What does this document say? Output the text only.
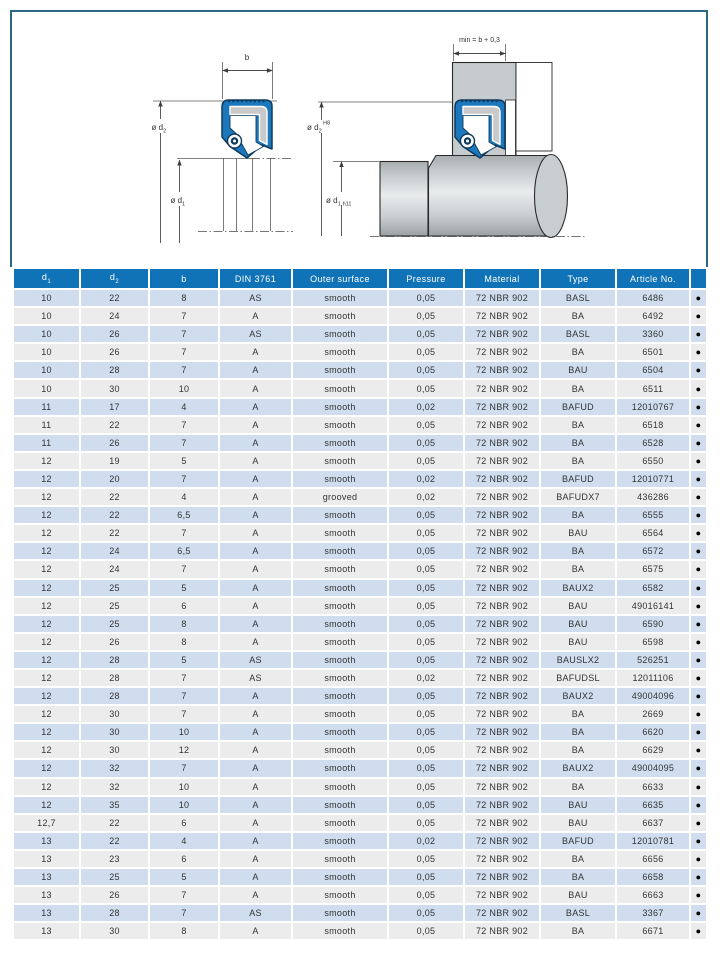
b
ø $d_2$
ø $d_1$
min = b + 0,3
ø $d_2^{H8}$
ø $d_1$ h11
$d_1$	$d_2$	b	DIN 3761	Outer surface	Pressure	Material	Type	Article No.	
10	22	8	AS	smooth	0,05	72 NBR 902	BASL	6486	●
10	24	7	A	smooth	0,05	72 NBR 902	BA	6492	●
10	26	7	AS	smooth	0,05	72 NBR 902	BASL	3360	●
10	26	7	A	smooth	0,05	72 NBR 902	BA	6501	●
10	28	7	A	smooth	0,05	72 NBR 902	BAU	6504	●
10	30	10	A	smooth	0,05	72 NBR 902	BA	6511	●
11	17	4	A	smooth	0,02	72 NBR 902	BAFUD	12010767	●
11	22	7	A	smooth	0,05	72 NBR 902	BA	6518	●
11	26	7	A	smooth	0,05	72 NBR 902	BA	6528	●
12	19	5	A	smooth	0,05	72 NBR 902	BA	6550	●
12	20	7	A	smooth	0,02	72 NBR 902	BAFUD	12010771	●
12	22	4	A	grooved	0,02	72 NBR 902	BAFUDX7	436286	●
12	22	6,5	A	smooth	0,05	72 NBR 902	BA	6555	●
12	22	7	A	smooth	0,05	72 NBR 902	BAU	6564	●
12	24	6,5	A	smooth	0,05	72 NBR 902	BA	6572	●
12	24	7	A	smooth	0,05	72 NBR 902	BA	6575	●
12	25	5	A	smooth	0,05	72 NBR 902	BAUX2	6582	●
12	25	6	A	smooth	0,05	72 NBR 902	BAU	49016141	●
12	25	8	A	smooth	0,05	72 NBR 902	BAU	6590	●
12	26	8	A	smooth	0,05	72 NBR 902	BAU	6598	●
12	28	5	AS	smooth	0,05	72 NBR 902	BAUSLX2	526251	●
12	28	7	AS	smooth	0,02	72 NBR 902	BAFUDSL	12011106	●
12	28	7	A	smooth	0,05	72 NBR 902	BAUX2	49004096	●
12	30	7	A	smooth	0,05	72 NBR 902	BA	2669	●
12	30	10	A	smooth	0,05	72 NBR 902	BA	6620	●
12	30	12	A	smooth	0,05	72 NBR 902	BA	6629	●
12	32	7	A	smooth	0,05	72 NBR 902	BAUX2	49004095	●
12	32	10	A	smooth	0,05	72 NBR 902	BA	6633	●
12	35	10	A	smooth	0,05	72 NBR 902	BAU	6635	●
12,7	22	6	A	smooth	0,05	72 NBR 902	BAU	6637	●
13	22	4	A	smooth	0,02	72 NBR 902	BAFUD	12010781	●
13	23	6	A	smooth	0,05	72 NBR 902	BA	6656	●
13	25	5	A	smooth	0,05	72 NBR 902	BA	6658	●
13	26	7	A	smooth	0,05	72 NBR 902	BAU	6663	●
13	28	7	AS	smooth	0,05	72 NBR 902	BASL	3367	●
13	30	8	A	smooth	0,05	72 NBR 902	BA	6671	●
